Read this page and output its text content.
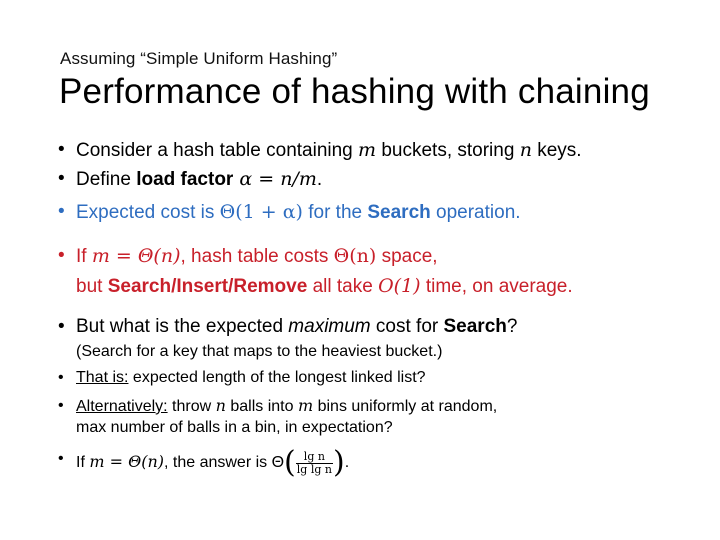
Assuming “Simple Uniform Hashing”
Performance of hashing with chaining
• Consider a hash table containing m buckets, storing n keys.
• Define load factor α = n/m.
• Expected cost is Θ(1 + α) for the Search operation.
• If m = Θ(n), hash table costs Θ(n) space,
but Search/Insert/Remove all take O(1) time, on average.
• But what is the expected maximum cost for Search?
(Search for a key that maps to the heaviest bucket.)
• That is: expected length of the longest linked list?
• Alternatively: throw n balls into m bins uniformly at random,
max number of balls in a bin, in expectation?
• If m = Θ(n), the answer is $\Theta( \frac{\text{lg n}}{\text{lg lg n}}$ ).
